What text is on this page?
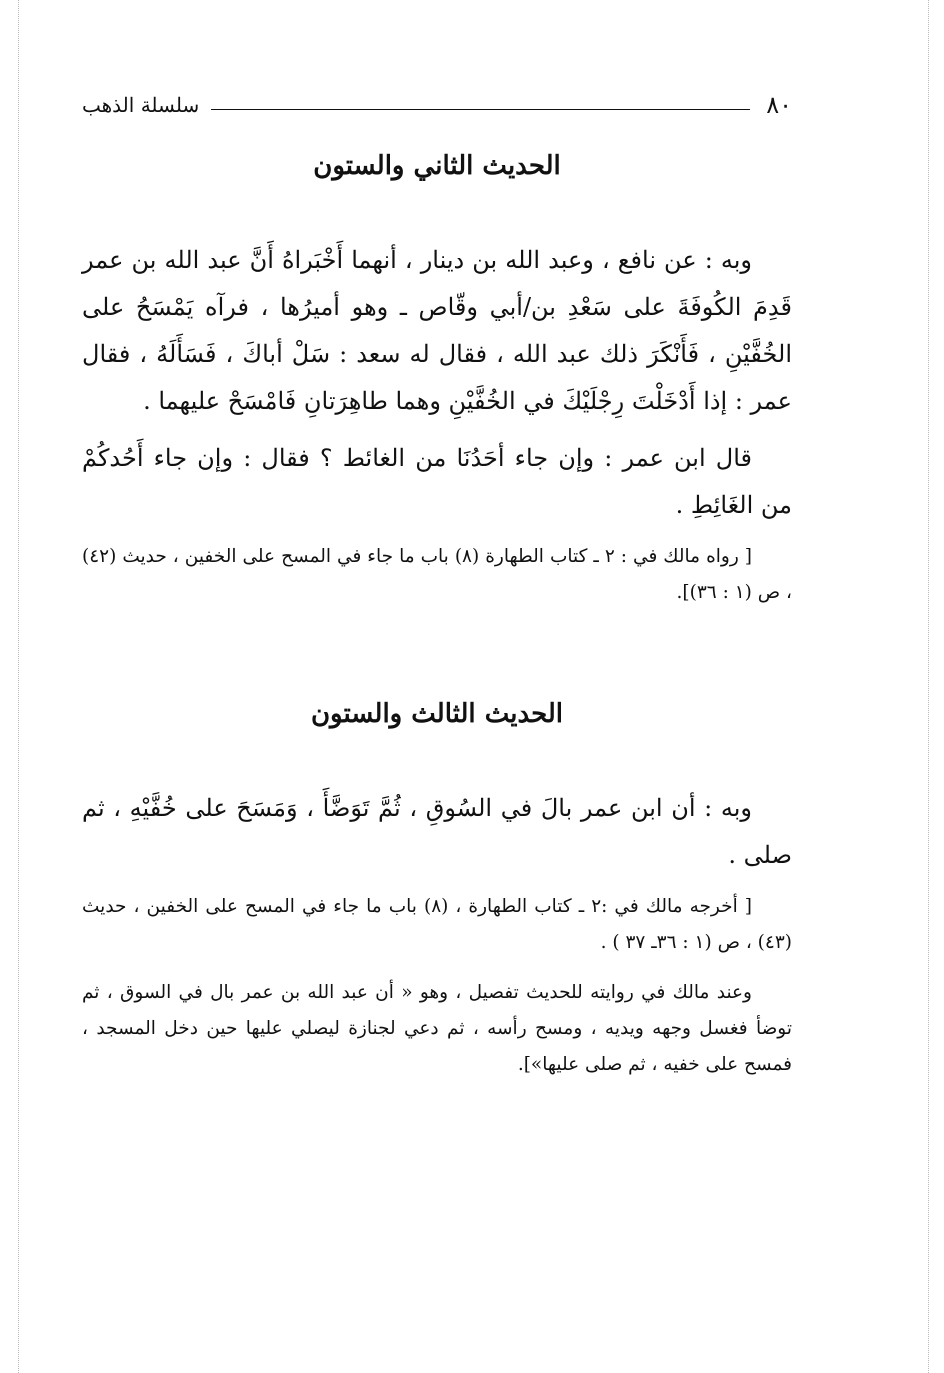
٨٠
سلسلة الذهب
الحديث الثاني والستون

وبه : عن نافع ، وعبد الله بن دينار ، أنهما أَخْبَراهُ أَنَّ عبد الله بن عمر قَدِمَ الكُوفَةَ على سَعْدِ بن/أبي وقّاص ـ وهو أميرُها ، فرآه يَمْسَحُ على الخُفَّيْنِ ، فَأَنْكَرَ ذلك عبد الله ، فقال له سعد : سَلْ أباكَ ، فَسَأَلَهُ ، فقال عمر : إذا أَدْخَلْتَ رِجْلَيْكَ في الخُفَّيْنِ وهما طاهِرَتانِ فَامْسَحْ عليهما .

قال ابن عمر : وإن جاء أحَدُنَا من الغائط ؟ فقال : وإن جاء أَحُدكُمْ من الغَائِطِ .

[ رواه مالك في : ٢ ـ كتاب الطهارة (٨) باب ما جاء في المسح على الخفين ، حديث (٤٢) ، ص (١ : ٣٦)].

الحديث الثالث والستون

وبه : أن ابن عمر بالَ في السُوقِ ، ثُمَّ تَوَضَّأَ ، وَمَسَحَ على خُفَّيْهِ ، ثم صلى .

[ أخرجه مالك في :٢ ـ كتاب الطهارة ، (٨) باب ما جاء في المسح على الخفين ، حديث (٤٣) ، ص (١ : ٣٦ـ ٣٧ ) .

وعند مالك في روايته للحديث تفصيل ، وهو « أن عبد الله بن عمر بال في السوق ، ثم توضأ فغسل وجهه ويديه ، ومسح رأسه ، ثم دعي لجنازة ليصلي عليها حين دخل المسجد ، فمسح على خفيه ، ثم صلى عليها»].
